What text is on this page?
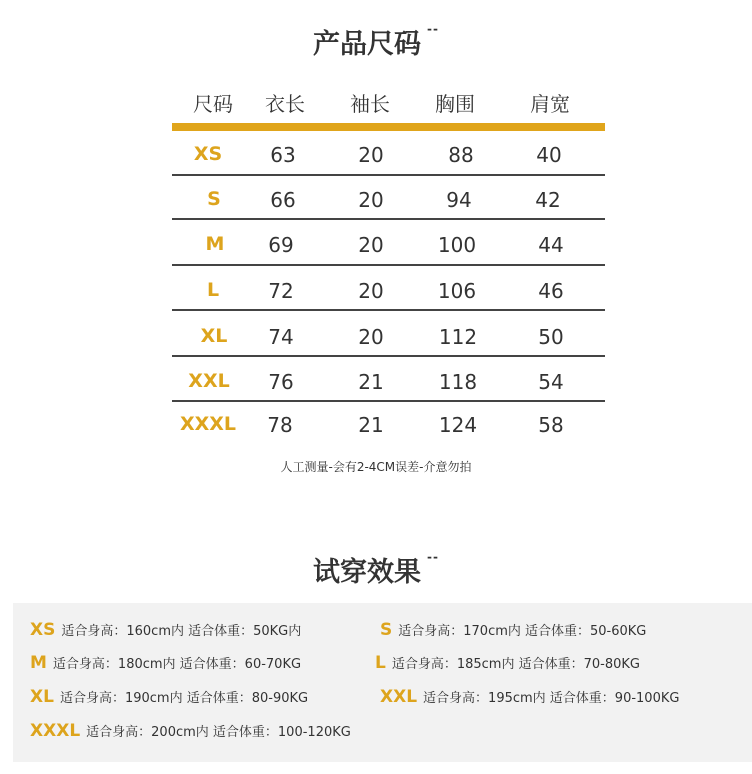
产品尺码 --
尺码 衣长 袖长 胸围	肩宽
XS 63	20	88	40
S 66	20	94	42
M 69	20	100	44
L 72	20	106	46
XL 74	20	112	50
XXL 76	21	118	54
XXXL 78	21	124	58
人工测量-会有2-4CM误差-介意勿拍
试穿效果 --
XS 适合身高：160cm内 适合体重：50KG内	S 适合身高：170cm内 适合体重：50-60KG
M 适合身高：180cm内 适合体重：60-70KG	L 适合身高：185cm内 适合体重：70-80KG
XL 适合身高：190cm内 适合体重：80-90KG	XXL 适合身高：195cm内 适合体重：90-100KG
XXXL 适合身高：200cm内 适合体重：100-120KG
